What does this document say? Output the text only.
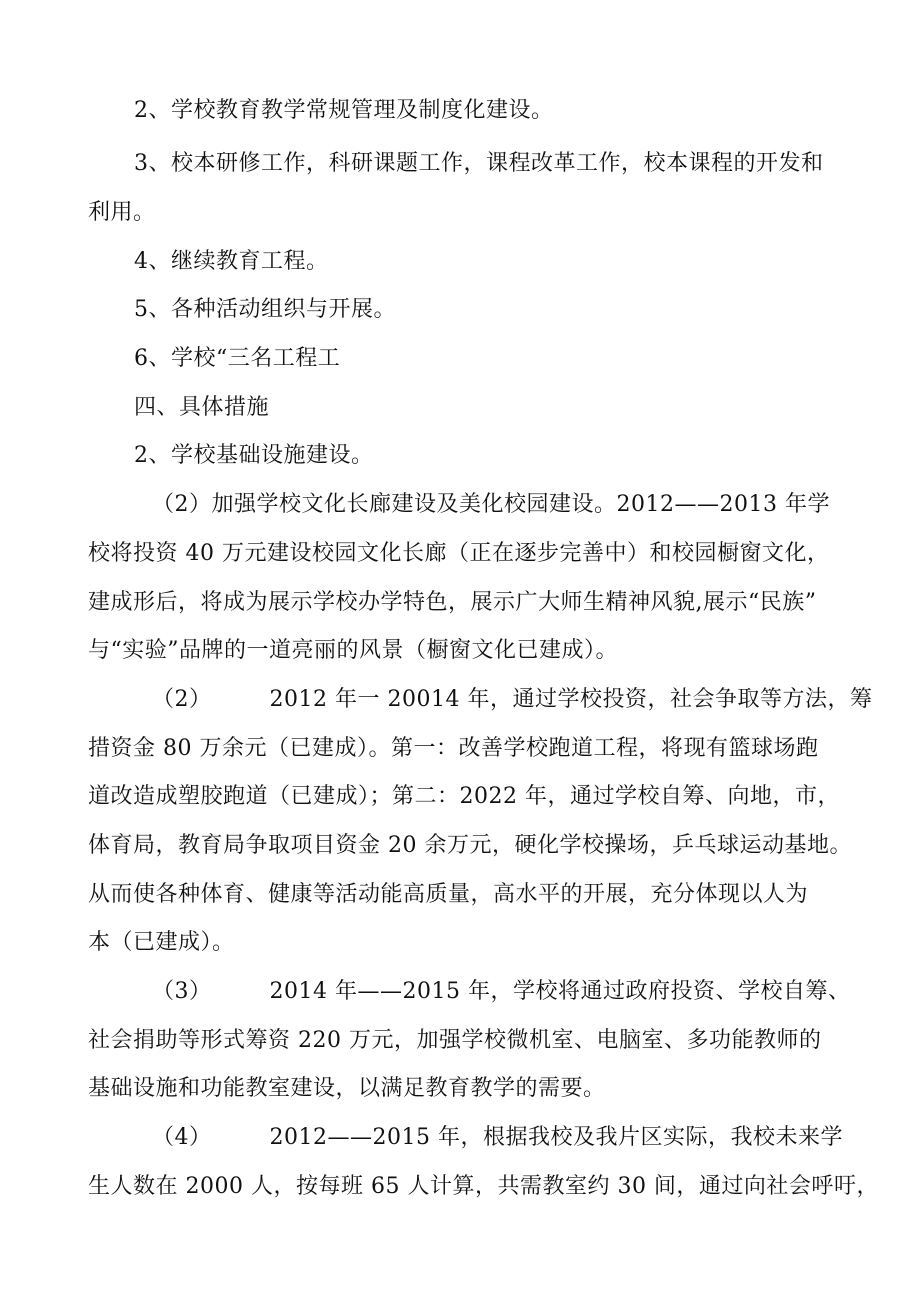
2、学校教育教学常规管理及制度化建设。
3、校本研修工作，科研课题工作，课程改革工作，校本课程的开发和
利用。
4、继续教育工程。
5、各种活动组织与开展。
6、学校“三名工程工
四、具体措施
2、学校基础设施建设。
（2）加强学校文化长廊建设及美化校园建设。2012——2013 年学
校将投资 40 万元建设校园文化长廊（正在逐步完善中）和校园橱窗文化，
建成形后，将成为展示学校办学特色，展示广大师生精神风貌,展示“民族”
与“实验”品牌的一道亮丽的风景（橱窗文化已建成）。
（2）	2012 年一 20014 年，通过学校投资，社会争取等方法，筹
措资金 80 万余元（已建成）。第一：改善学校跑道工程，将现有篮球场跑
道改造成塑胶跑道（已建成）；第二：2022 年，通过学校自筹、向地，市，
体育局，教育局争取项目资金 20 余万元，硬化学校操场，乒乓球运动基地。
从而使各种体育、健康等活动能高质量，高水平的开展，充分体现以人为
本（已建成）。
（3）	2014 年——2015 年，学校将通过政府投资、学校自筹、
社会捐助等形式筹资 220 万元，加强学校微机室、电脑室、多功能教师的
基础设施和功能教室建设，以满足教育教学的需要。
（4）	2012——2015 年，根据我校及我片区实际，我校未来学
生人数在 2000 人，按每班 65 人计算，共需教室约 30 间，通过向社会呼吁，
